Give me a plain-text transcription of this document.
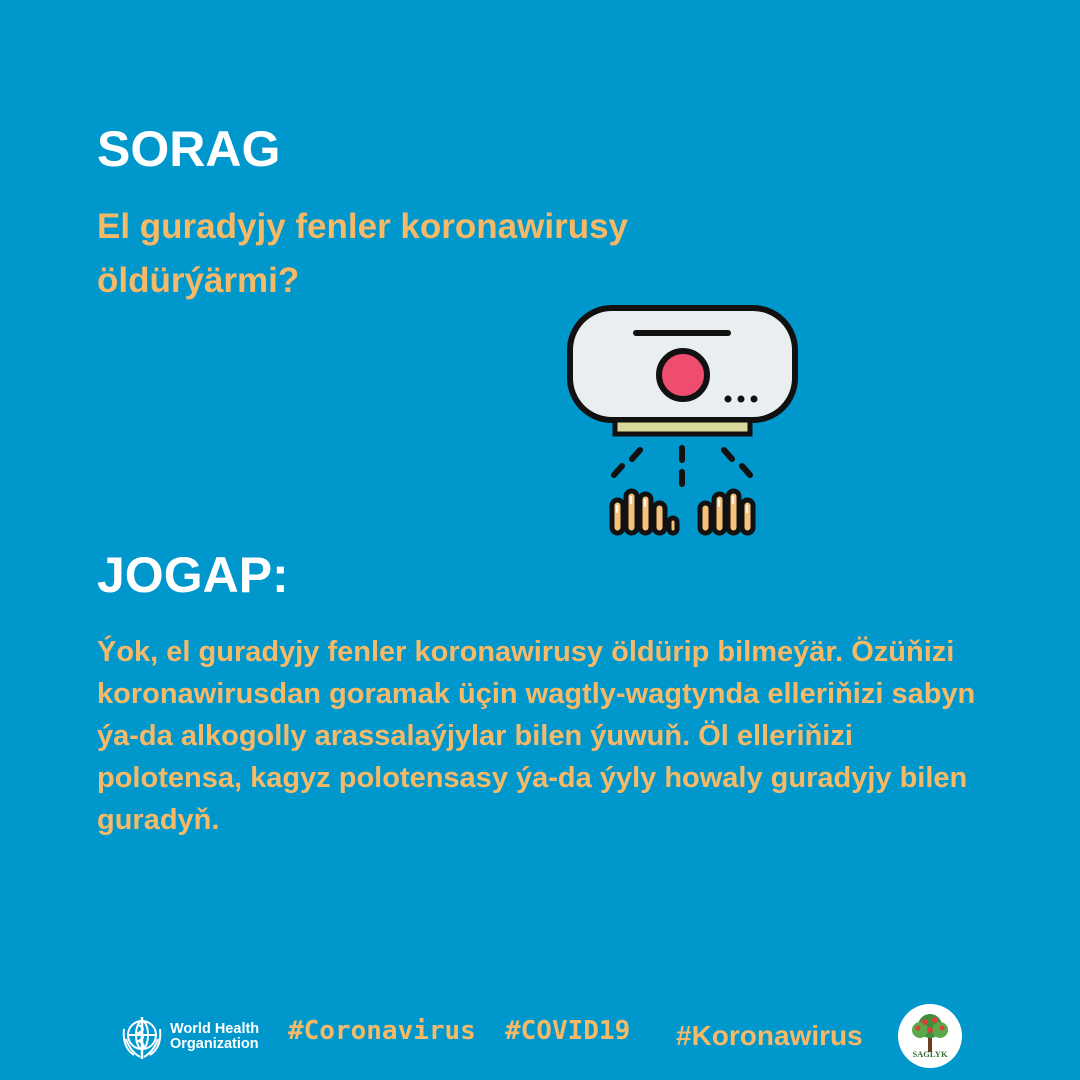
SORAG

El guradyjy fenler koronawirusy öldürýärmi?

JOGAP:

Ýok, el guradyjy fenler koronawirusy öldürip bilmeýär. Özüňizi koronawirusdan goramak üçin wagtly-wagtynda elleriňizi sabyn ýa-da alkogolly arassalaýjylar bilen ýuwuň. Öl elleriňizi polotensa, kagyz polotensasy ýa-da ýyly howaly guradyjy bilen guradyň.

World Health
Organization #Coronavirus #COVID19 #Koronawirus
SAGLYK
